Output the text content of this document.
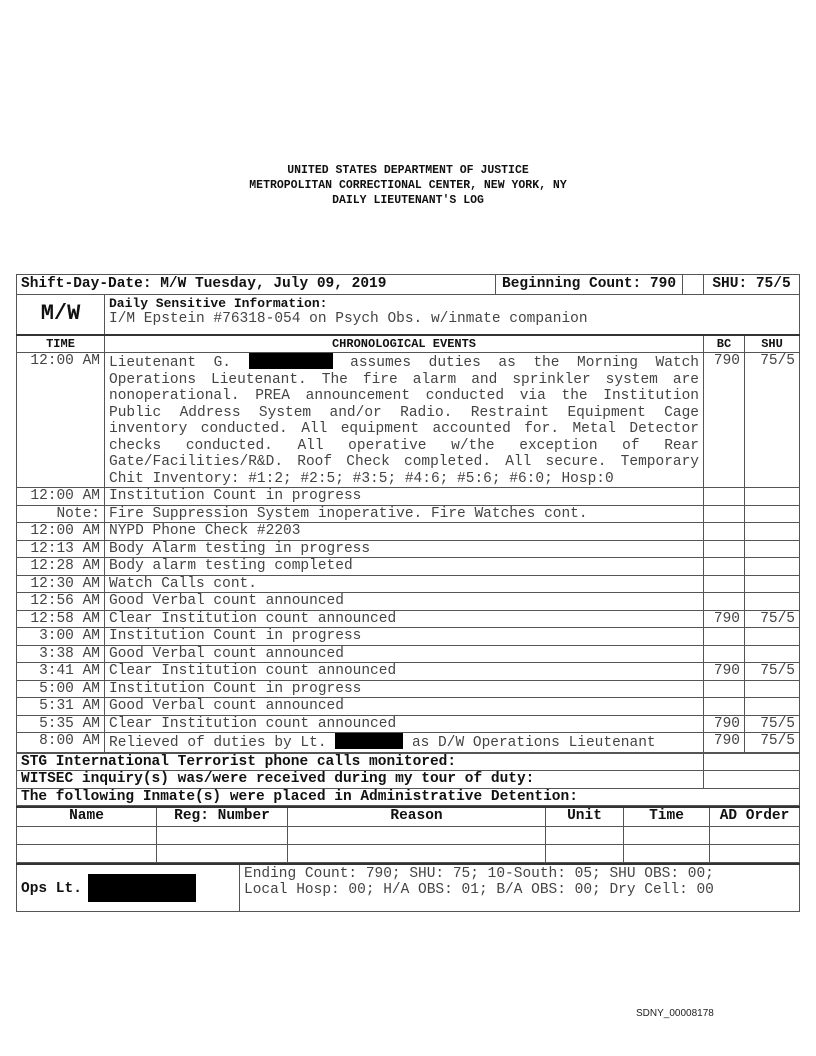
UNITED STATES DEPARTMENT OF JUSTICE
METROPOLITAN CORRECTIONAL CENTER, NEW YORK, NY
DAILY LIEUTENANT'S LOG
Shift-Day-Date: M/W Tuesday, July 09, 2019 Beginning Count: 790		SHU: 75/5	
M/W	Daily Sensitive Information:
I/M Epstein #76318-054 on Psych Obs. w/inmate companion		

TIME	CHRONOLOGICAL EVENTS	BC	SHU
12:00 AM	Lieutenant G. assumes duties as the Morning Watch Operations Lieutenant. The fire alarm and sprinkler system are nonoperational. PREA announcement conducted via the Institution Public Address System and/or Radio. Restraint Equipment Cage inventory conducted. All equipment accounted for. Metal Detector checks conducted. All operative w/the exception of Rear Gate/Facilities/R&D. Roof Check completed. All secure. Temporary Chit Inventory: #1:2; #2:5; #3:5; #4:6; #5:6; #6:0; Hosp:0	790	75/5
12:00 AM	Institution Count in progress		
Note:	Fire Suppression System inoperative. Fire Watches cont.		
12:00 AM	NYPD Phone Check #2203		
12:13 AM	Body Alarm testing in progress		
12:28 AM	Body alarm testing completed		
12:30 AM	Watch Calls cont.		
12:56 AM	Good Verbal count announced		
12:58 AM	Clear Institution count announced	790	75/5
3:00 AM	Institution Count in progress		
3:38 AM	Good Verbal count announced		
3:41 AM	Clear Institution count announced	790	75/5
5:00 AM	Institution Count in progress		
5:31 AM	Good Verbal count announced		
5:35 AM	Clear Institution count announced	790	75/5
8:00 AM	Relieved of duties by Lt. as D/W Operations Lieutenant	790	75/5
STG International Terrorist phone calls monitored:	
WITSEC inquiry(s) was/were received during my tour of duty:	
The following Inmate(s) were placed in Administrative Detention:	
Name	Reg: Number	Reason	Unit	Time	AD Order

Ops Lt.	
Ending Count: 790; SHU: 75; 10-South: 05; SHU OBS: 00;
Local Hosp: 00; H/A OBS: 01; B/A OBS: 00; Dry Cell: 00
SDNY_00008178
